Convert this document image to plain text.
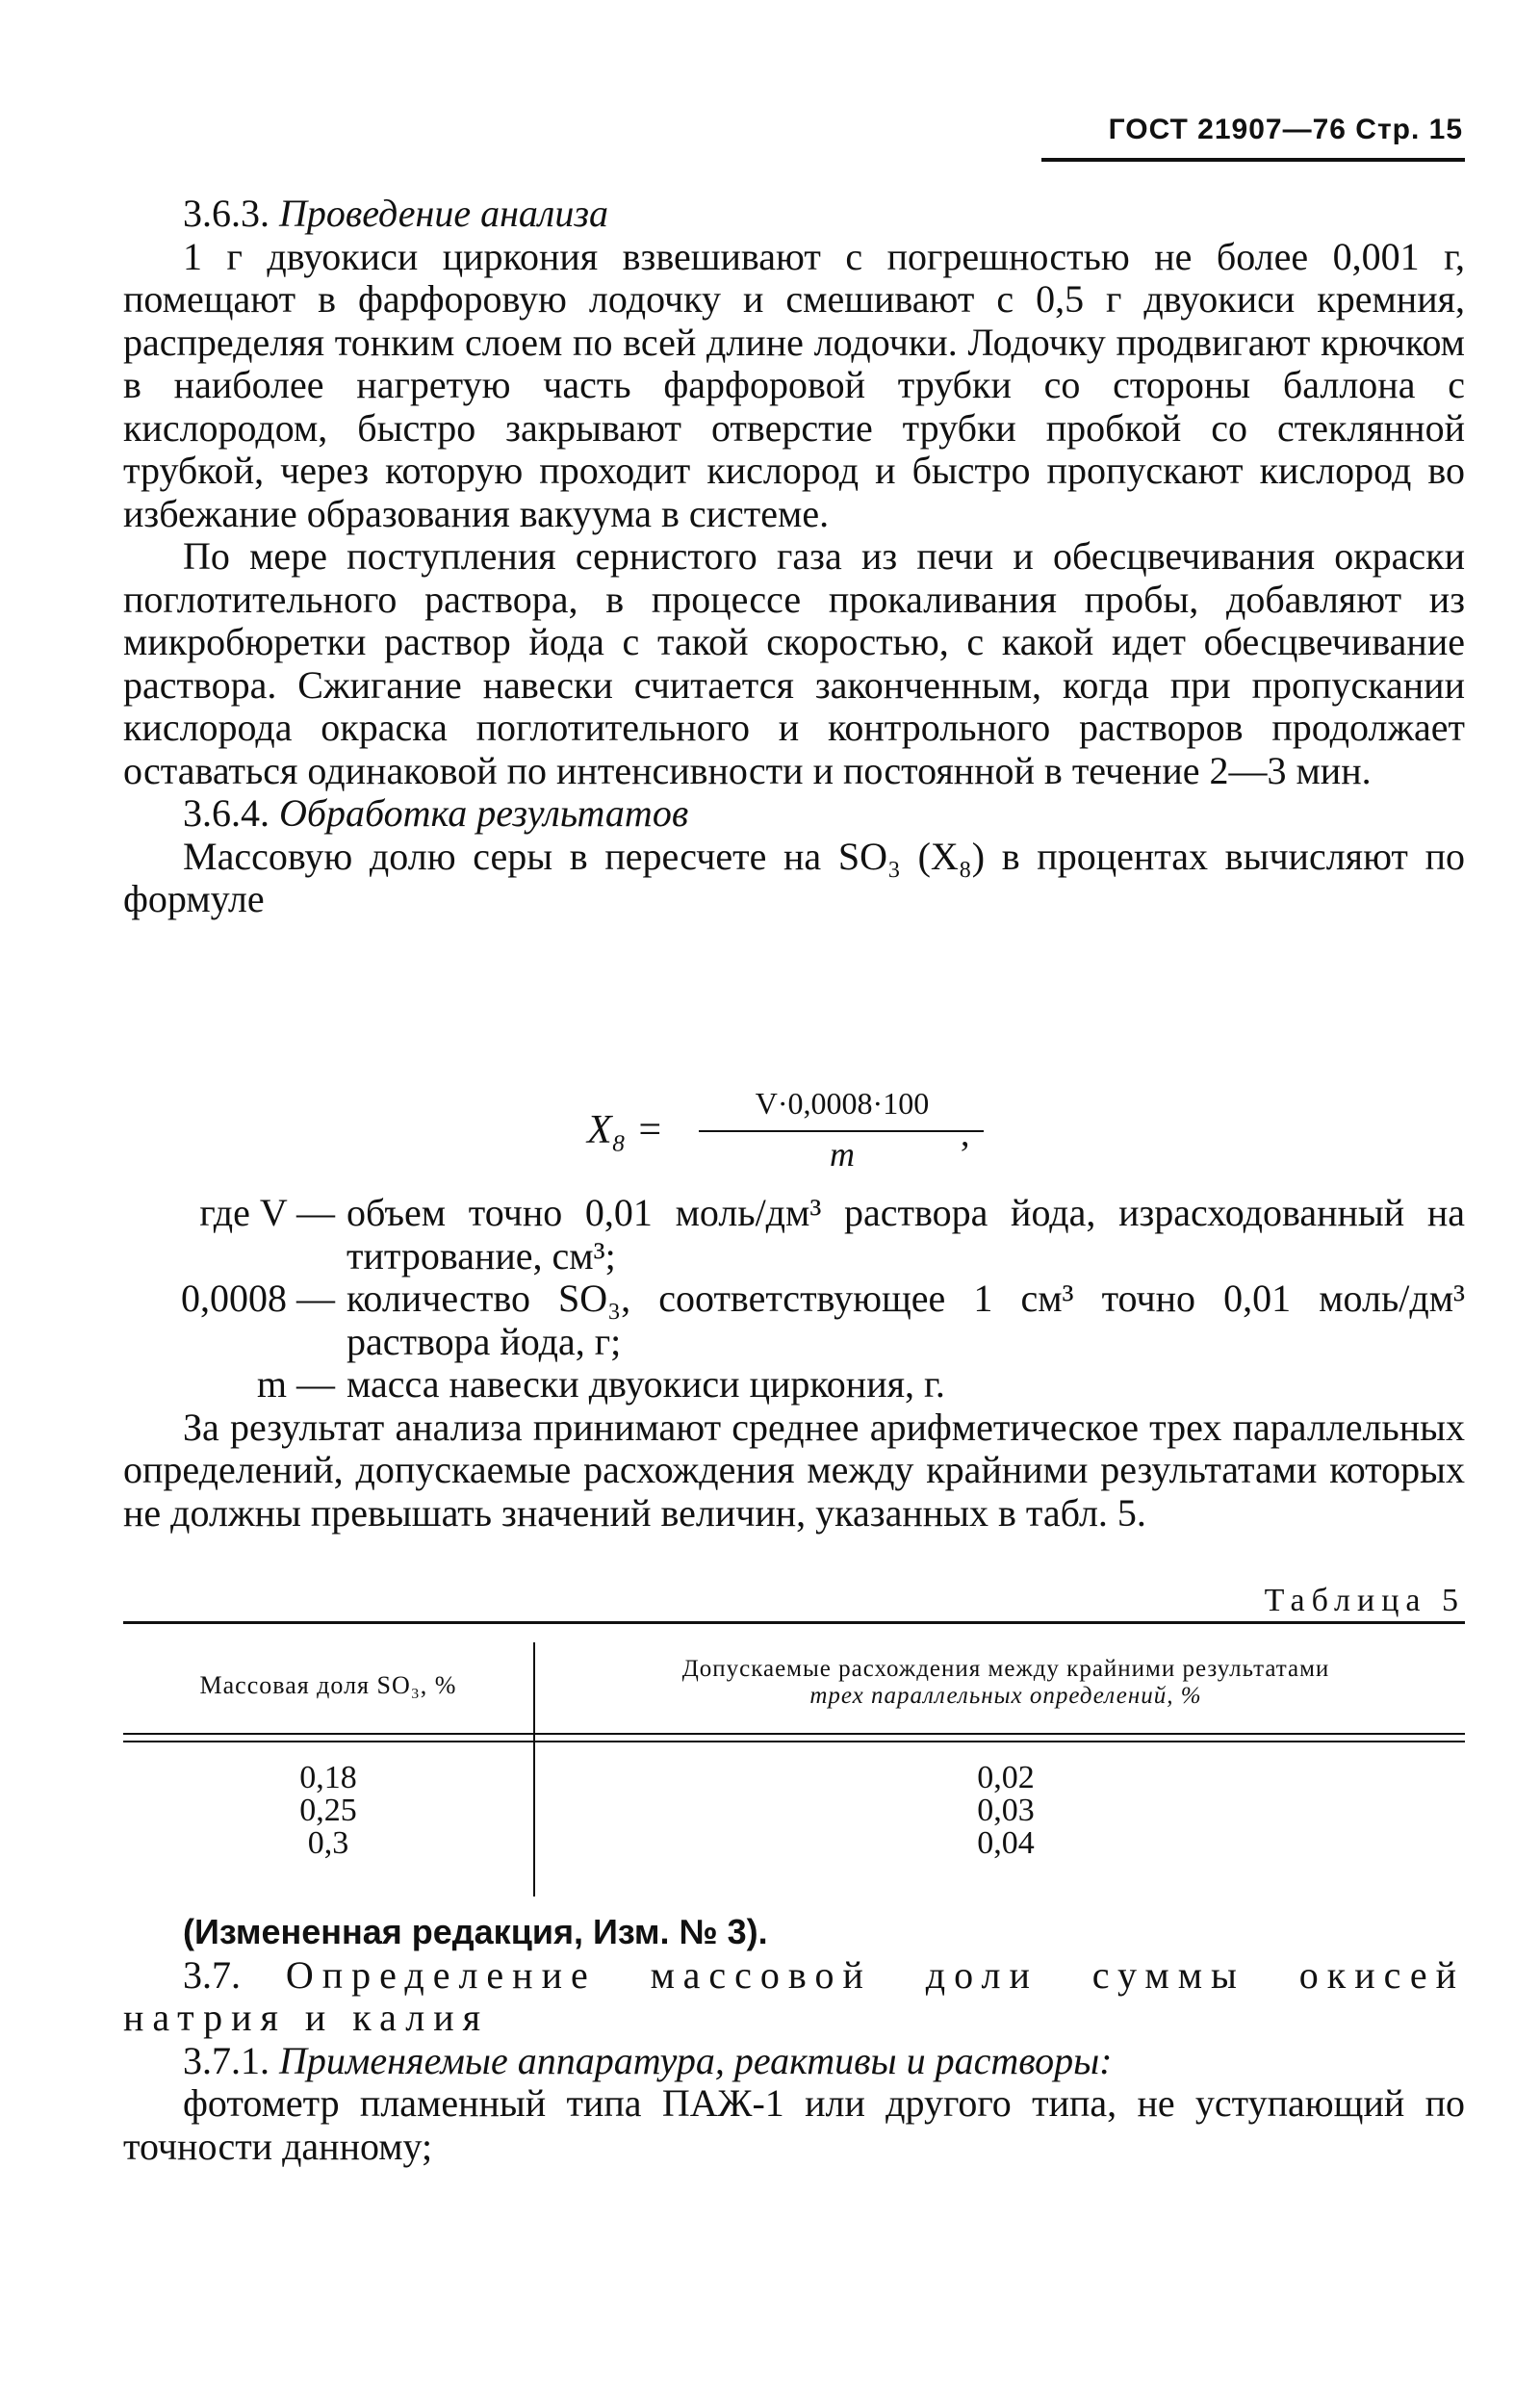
ГОСТ 21907—76 Стр. 15

3.6.3. Проведение анализа

1 г двуокиси циркония взвешивают с погрешностью не более 0,001 г, помещают в фарфоровую лодочку и смешивают с 0,5 г двуокиси кремния, распределяя тонким слоем по всей длине лодочки. Лодочку продвигают крючком в наиболее нагретую часть фарфоровой трубки со стороны баллона с кислородом, быстро закрывают отверстие трубки пробкой со стеклянной трубкой, через которую проходит кислород и быстро пропускают кислород во избежание образования вакуума в системе.

По мере поступления сернистого газа из печи и обесцвечивания окраски поглотительного раствора, в процессе прокаливания пробы, добавляют из микробюретки раствор йода с такой скоростью, с какой идет обесцвечивание раствора. Сжигание навески считается законченным, когда при пропускании кислорода окраска поглотительного и контрольного растворов продолжает оставаться одинаковой по интенсивности и постоянной в течение 2—3 мин.

3.6.4. Обработка результатов

Массовую долю серы в пересчете на SO₃ (X₈) в процентах вычисляют по формуле

X₈ =
V·0,0008·100
m	,
где V — объем точно 0,01 моль/дм³ раствора йода, израсходованный на титрование, см³;
0,0008 — количество SO₃, соответствующее 1 см³ точно 0,01 моль/дм³ раствора йода, г;
m — масса навески двуокиси циркония, г.

За результат анализа принимают среднее арифметическое трех параллельных определений, допускаемые расхождения между крайними результатами которых не должны превышать значений величин, указанных в табл. 5.

Таблица 5
Массовая доля SO₃, %
Допускаемые расхождения между крайними результатами
трех параллельных определений, %
0,18
0,25
0,3
0,02
0,03
0,04

(Измененная редакция, Изм. № 3).

3.7. Определение массовой доли суммы окисей натрия и калия

3.7.1. Применяемые аппаратура, реактивы и растворы:

фотометр пламенный типа ПАЖ-1 или другого типа, не уступающий по точности данному;
